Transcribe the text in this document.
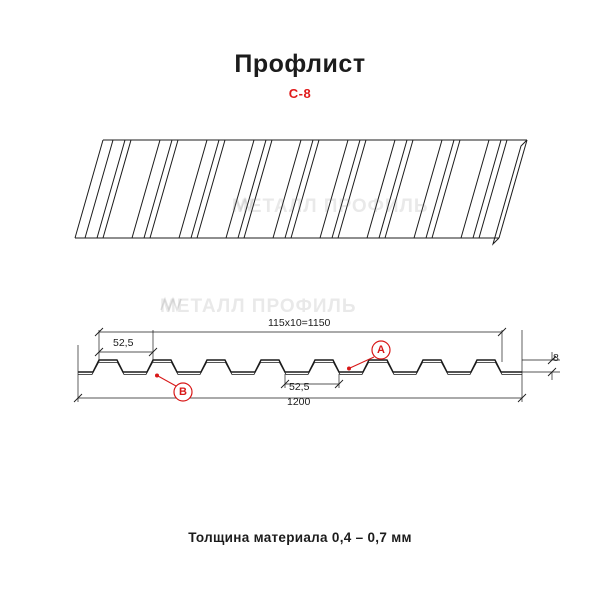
Профлист
С-8
115х10=1150
52,5
52,5
1200
8
A
B
МЕТАЛЛ ПРОФИЛЬ
МЕТАЛЛ ПРОФИЛЬ
Толщина материала 0,4 – 0,7 мм
